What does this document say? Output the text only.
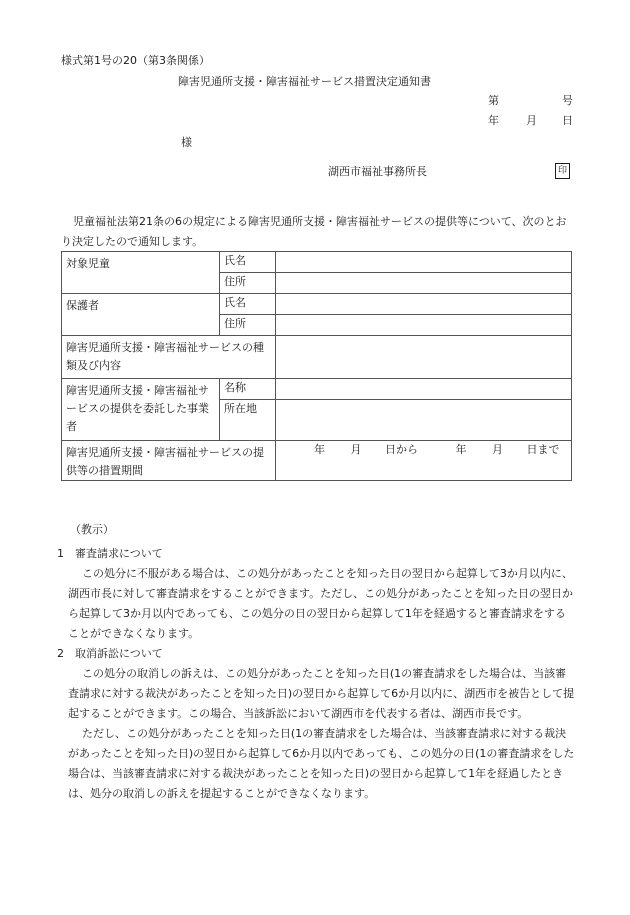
様式第1号の20（第3条関係）
障害児通所支援・障害福祉サービス措置決定通知書
第	号
年 月 日
様
湖西市福祉事務所長	印
児童福祉法第21条の6の規定による障害児通所支援・障害福祉サービスの提供等について、次のとおり決定したので通知します。
対象児童	氏名	
	住所	
保護者	氏名	
	住所	
障害児通所支援・障害福祉サービスの種類及び内容		
障害児通所支援・障害福祉サービスの提供を委託した事業者	名称	
	所在地	
障害児通所支援・障害福祉サービスの提供等の措置期間		年 月 日から 年 月 日まで
（教示）
1　審査請求について
この処分に不服がある場合は、この処分があったことを知った日の翌日から起算して3か月以内に、湖西市長に対して審査請求をすることができます。ただし、この処分があったことを知った日の翌日から起算して3か月以内であっても、この処分の日の翌日から起算して1年を経過すると審査請求をすることができなくなります。
2　取消訴訟について
この処分の取消しの訴えは、この処分があったことを知った日(1の審査請求をした場合は、当該審査請求に対する裁決があったことを知った日)の翌日から起算して6か月以内に、湖西市を被告として提起することができます。この場合、当該訴訟において湖西市を代表する者は、湖西市長です。
ただし、この処分があったことを知った日(1の審査請求をした場合は、当該審査請求に対する裁決があったことを知った日)の翌日から起算して6か月以内であっても、この処分の日(1の審査請求をした場合は、当該審査請求に対する裁決があったことを知った日)の翌日から起算して1年を経過したときは、処分の取消しの訴えを提起することができなくなります。
